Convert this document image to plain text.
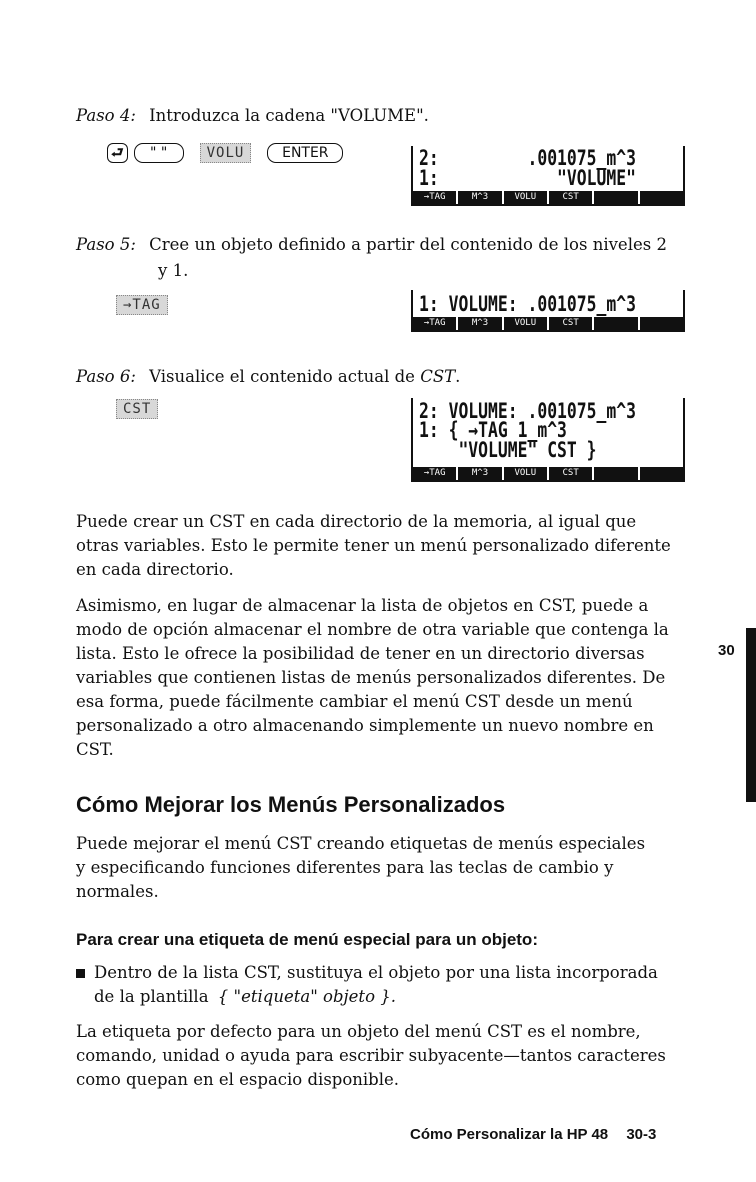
Paso 4: Introduzca la cadena "VOLUME".
⮐	" "	VOLU	ENTER	2:         .001075_m^3
1:            "VOLUME"
→TAG	M^3	VOLU	CST
Paso 5: Cree un objeto definido a partir del contenido de los niveles 2
y 1.
→TAG	1: VOLUME: .001075_m^3
→TAG	M^3	VOLU	CST
Paso 6: Visualice el contenido actual de CST.
CST	2: VOLUME: .001075_m^3
1: { →TAG 1_m^3
"VOLUME" CST }
→TAG	M^3	VOLU	CST
Puede crear un CST en cada directorio de la memoria, al igual que
otras variables. Esto le permite tener un menú personalizado diferente
en cada directorio.
Asimismo, en lugar de almacenar la lista de objetos en CST, puede a
modo de opción almacenar el nombre de otra variable que contenga la
lista. Esto le ofrece la posibilidad de tener en un directorio diversas
variables que contienen listas de menús personalizados diferentes. De
esa forma, puede fácilmente cambiar el menú CST desde un menú
personalizado a otro almacenando simplemente un nuevo nombre en
CST.
30
Cómo Mejorar los Menús Personalizados
Puede mejorar el menú CST creando etiquetas de menús especiales
y especificando funciones diferentes para las teclas de cambio y
normales.
Para crear una etiqueta de menú especial para un objeto:
Dentro de la lista CST, sustituya el objeto por una lista incorporada
de la plantilla { "etiqueta" objeto }.
La etiqueta por defecto para un objeto del menú CST es el nombre,
comando, unidad o ayuda para escribir subyacente—tantos caracteres
como quepan en el espacio disponible.
Cómo Personalizar la HP 48 30-3
